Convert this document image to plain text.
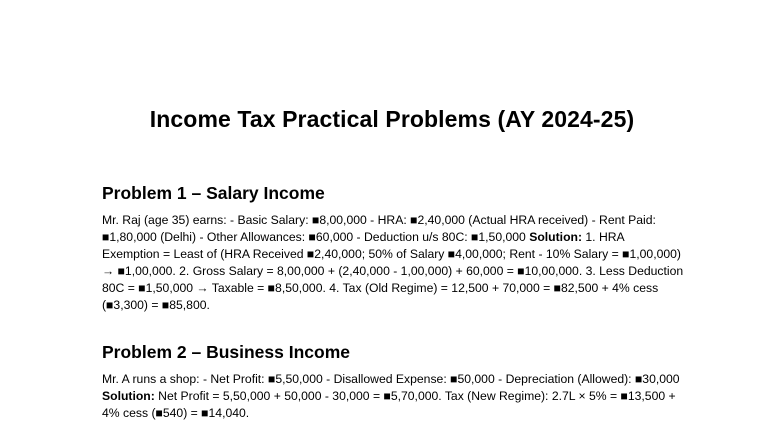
Income Tax Practical Problems (AY 2024-25)
Problem 1 – Salary Income
Mr. Raj (age 35) earns: - Basic Salary: ■8,00,000 - HRA: ■2,40,000 (Actual HRA received) - Rent Paid: ■1,80,000 (Delhi) - Other Allowances: ■60,000 - Deduction u/s 80C: ■1,50,000 Solution: 1. HRA Exemption = Least of (HRA Received ■2,40,000; 50% of Salary ■4,00,000; Rent - 10% Salary = ■1,00,000) → ■1,00,000. 2. Gross Salary = 8,00,000 + (2,40,000 - 1,00,000) + 60,000 = ■10,00,000. 3. Less Deduction 80C = ■1,50,000 → Taxable = ■8,50,000. 4. Tax (Old Regime) = 12,500 + 70,000 = ■82,500 + 4% cess (■3,300) = ■85,800.
Problem 2 – Business Income
Mr. A runs a shop: - Net Profit: ■5,50,000 - Disallowed Expense: ■50,000 - Depreciation (Allowed): ■30,000 Solution: Net Profit = 5,50,000 + 50,000 - 30,000 = ■5,70,000. Tax (New Regime): 2.7L × 5% = ■13,500 + 4% cess (■540) = ■14,040.
